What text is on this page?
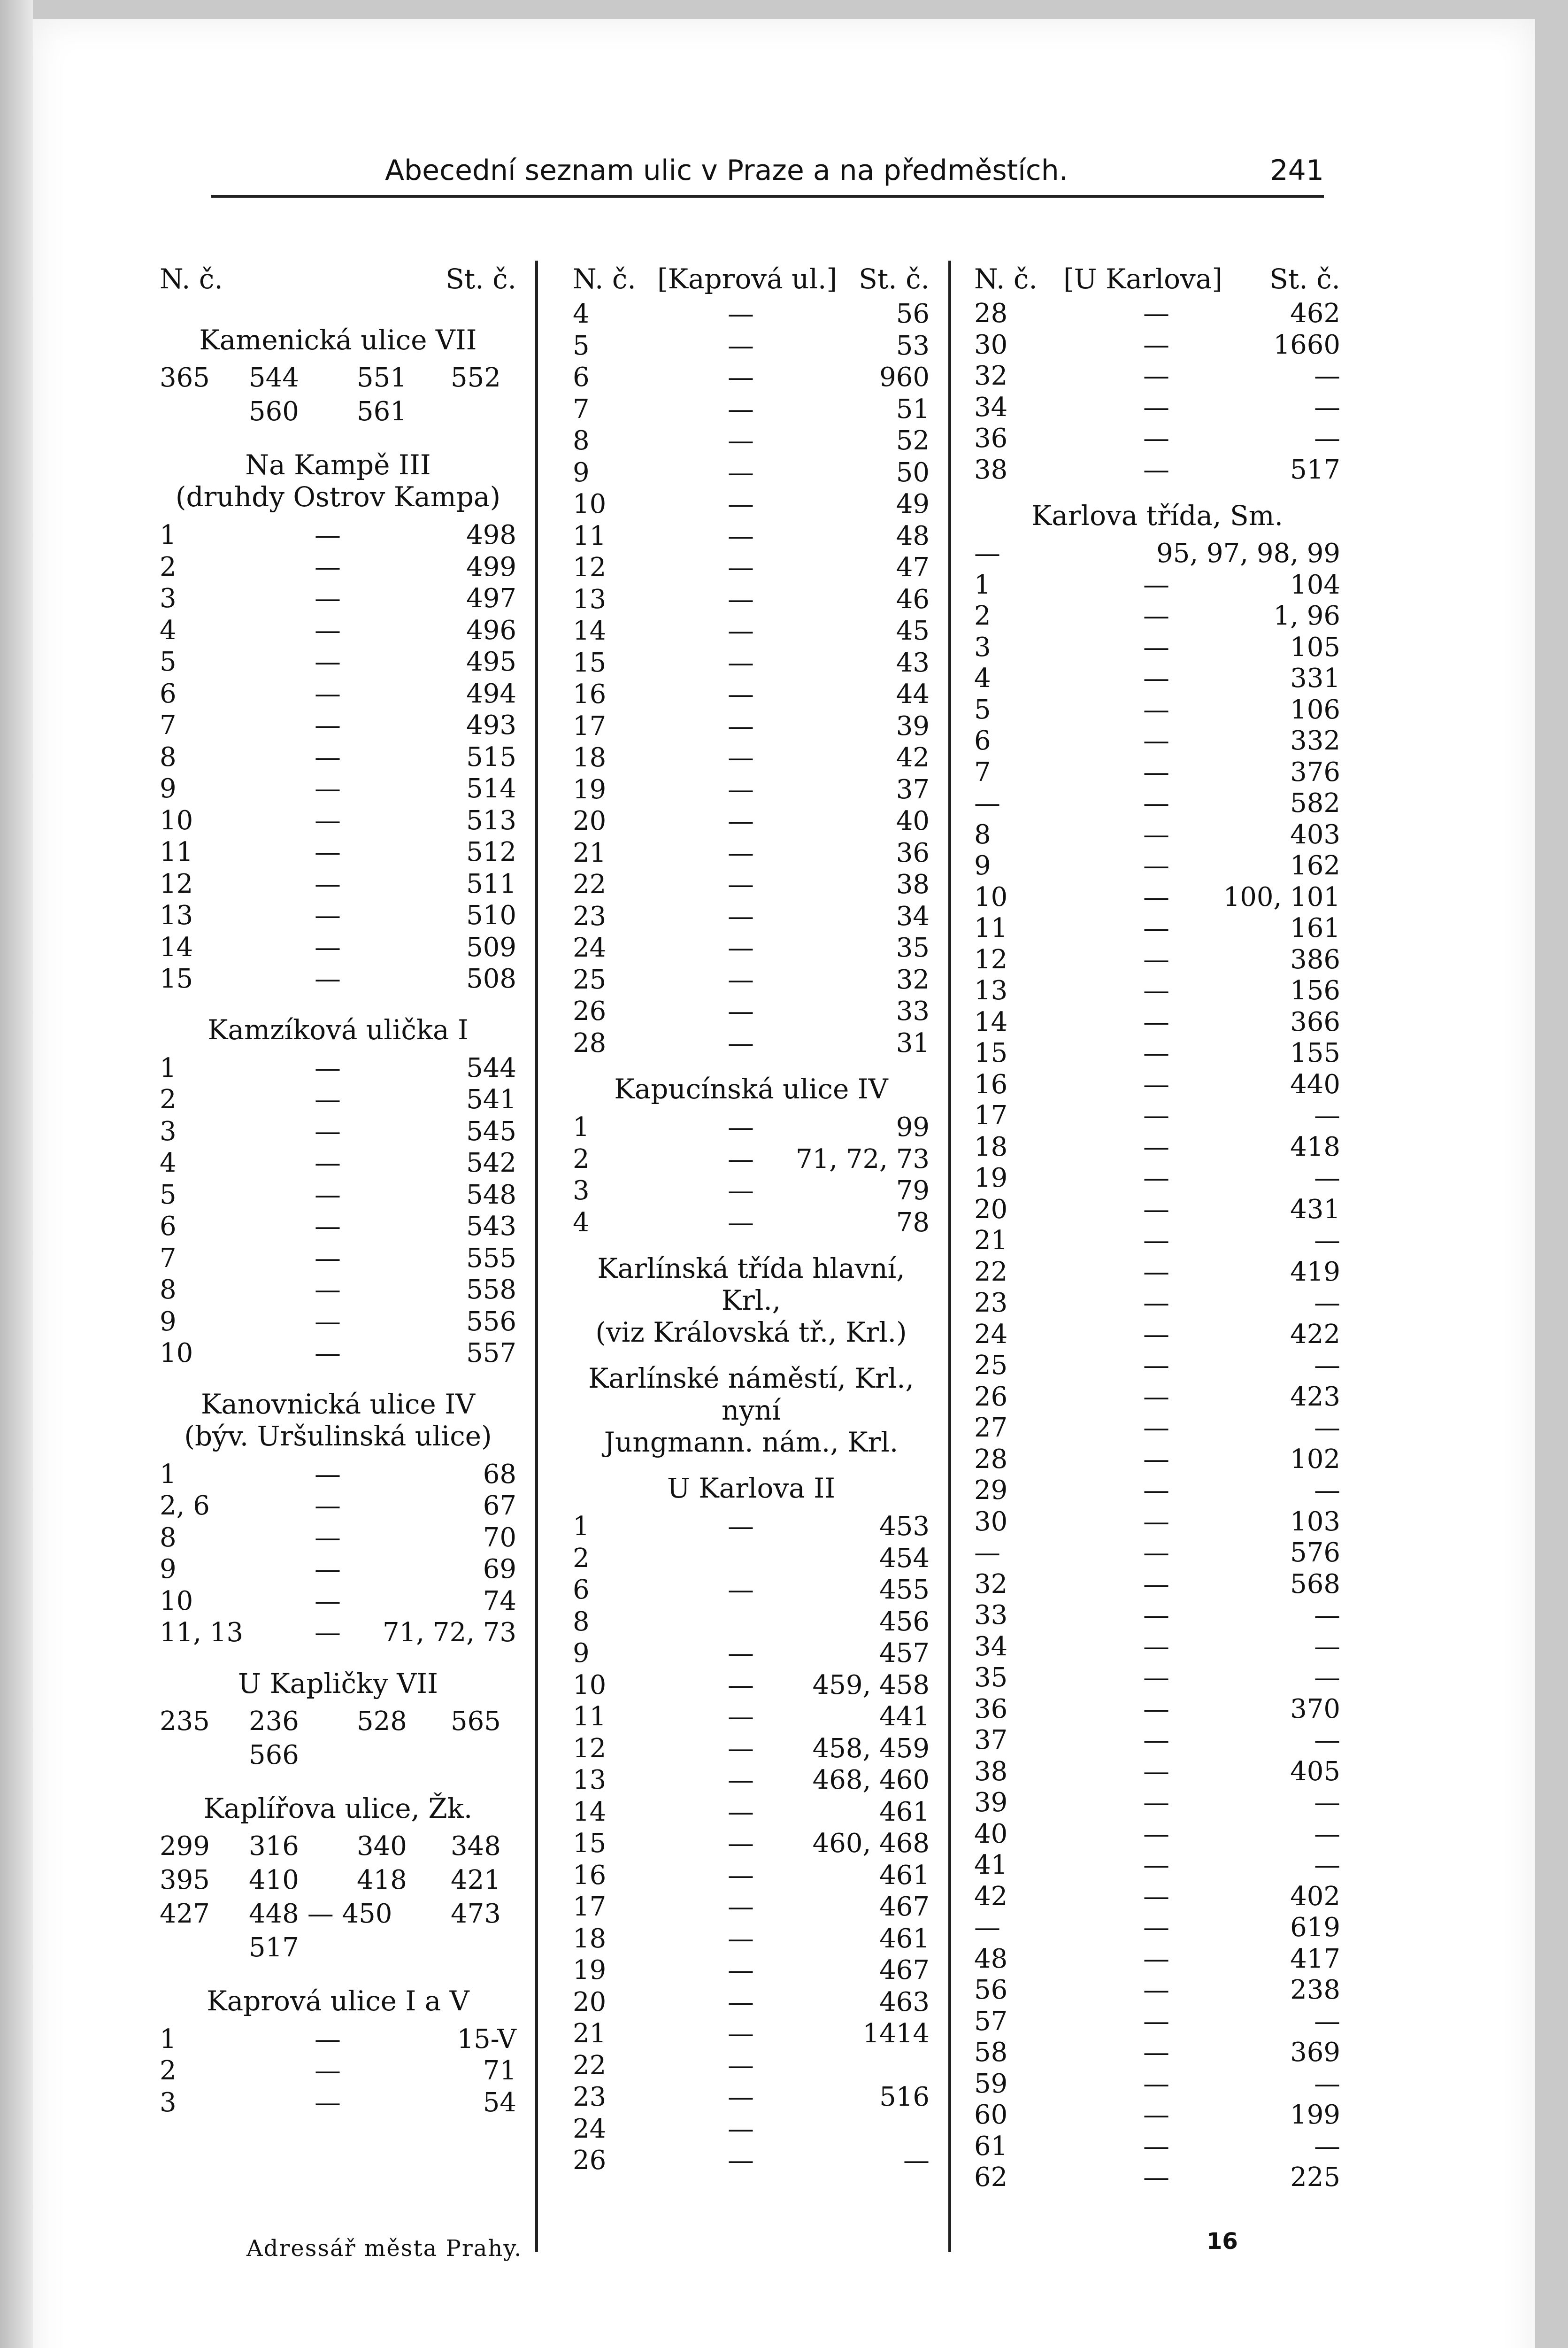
Abecední seznam ulic v Praze a na předměstích.	241
N. č.	St. č.
Kamenická ulice VII
365 544 551 552
560 561
Na Kampě III
(druhdy Ostrov Kampa)
1	—	498
2	—	499
3	—	497
4	—	496
5	—	495
6	—	494
7	—	493
8	—	515
9	—	514
10	—	513
11	—	512
12	—	511
13	—	510
14	—	509
15	—	508
Kamzíková ulička I
1	—	544
2	—	541
3	—	545
4	—	542
5	—	548
6	—	543
7	—	555
8	—	558
9	—	556
10	—	557
Kanovnická ulice IV
(býv. Uršulinská ulice)
1	—	68
2, 6	—	67
8	—	70
9	—	69
10	—	74
11, 13	— 71, 72, 73
U Kapličky VII
235 236 528 565
566
Kaplířova ulice, Žk.
299 316 340 348
395 410 418 421
427 448 — 450 473
517
Kaprová ulice I a V
1	—	15-V
2	—	71
3	—	54
N. č. [Kaprová ul.] St. č.
4	—	56
5	—	53
6	—	960
7	—	51
8	—	52
9	—	50
10	—	49
11	—	48
12	—	47
13	—	46
14	—	45
15	—	43
16	—	44
17	—	39
18	—	42
19	—	37
20	—	40
21	—	36
22	—	38
23	—	34
24	—	35
25	—	32
26	—	33
28	—	31
Kapucínská ulice IV
1	—	99
2	— 71, 72, 73
3	—	79
4	—	78
Karlínská třída hlavní,
Krl.,
(viz Královská tř., Krl.)
Karlínské náměstí, Krl.,
nyní
Jungmann. nám., Krl.
U Karlova II
1	—	453
2	454
6	—	455
8	456
9	—	457
10	— 459, 458
11	—	441
12	— 458, 459
13	— 468, 460
14	—	461
15	— 460, 468
16	—	461
17	—	467
18	—	461
19	—	467
20	—	463
21	—	1414
22	—
23	—	516
24	—
26	—	—
N. č. [U Karlova] St. č.
28	—	462
30	—	1660
32	—	—
34	—	—
36	—	—
38	—	517
Karlova třída, Sm.
—	95, 97, 98, 99
1	—	104
2	—	1, 96
3	—	105
4	—	331
5	—	106
6	—	332
7	—	376
—	—	582
8	—	403
9	—	162
10	— 100, 101
11	—	161
12	—	386
13	—	156
14	—	366
15	—	155
16	—	440
17	—	—
18	—	418
19	—	—
20	—	431
21	—	—
22	—	419
23	—	—
24	—	422
25	—	—
26	—	423
27	—	—
28	—	102
29	—	—
30	—	103
—	—	576
32	—	568
33	—	—
34	—	—
35	—	—
36	—	370
37	—	—
38	—	405
39	—	—
40	—	—
41	—	—
42	—	402
—	—	619
48	—	417
56	—	238
57	—	—
58	—	369
59	—	—
60	—	199
61	—	—
62	—	225
Adressář města Prahy.	16
